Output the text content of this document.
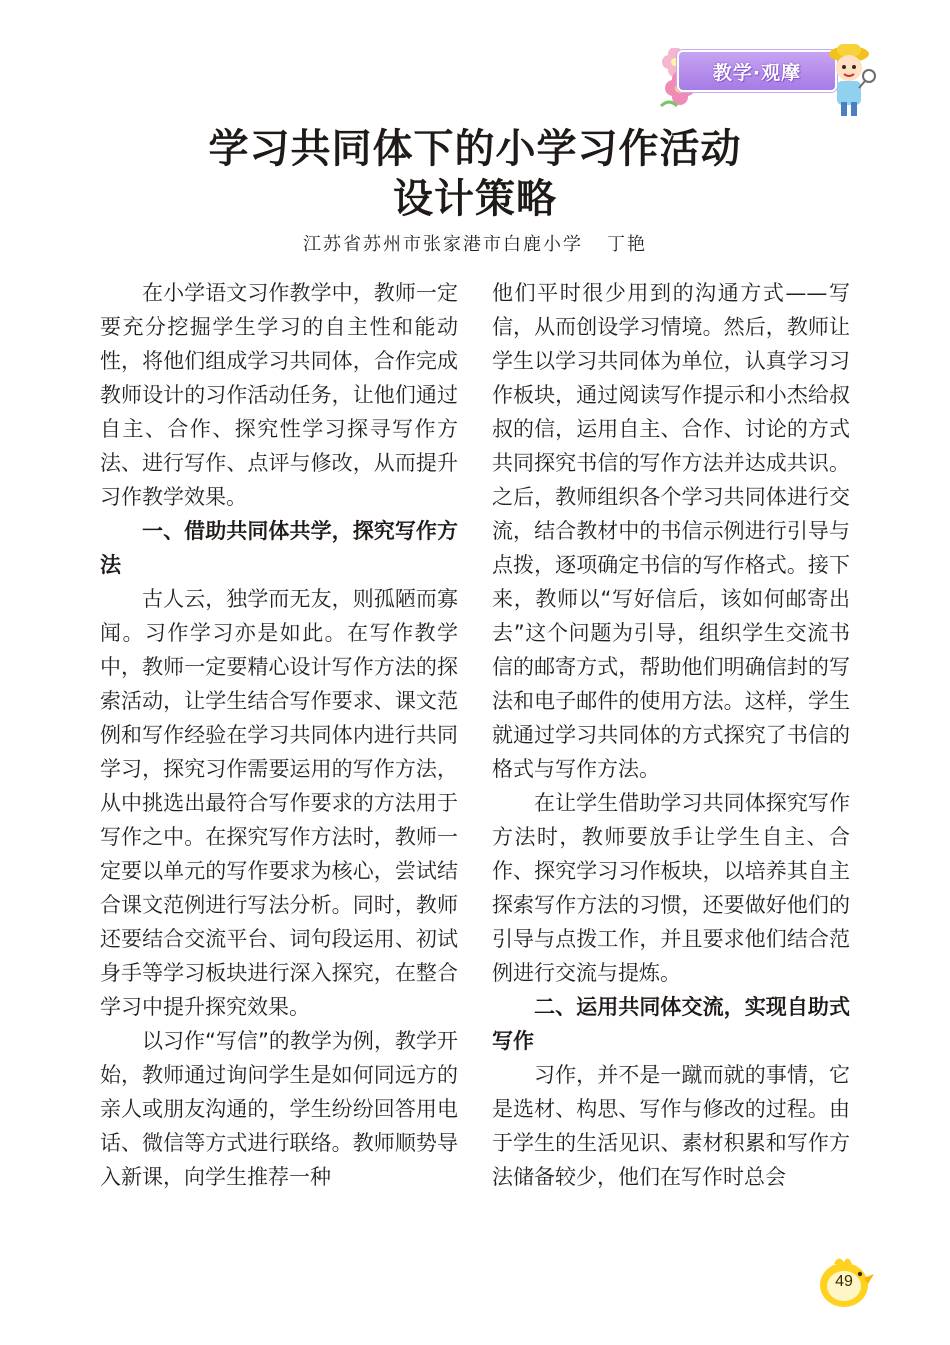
教学·观摩
学习共同体下的小学习作活动
设计策略
江苏省苏州市张家港市白鹿小学 丁艳

在小学语文习作教学中，教师一定要充分挖掘学生学习的自主性和能动性，将他们组成学习共同体，合作完成教师设计的习作活动任务，让他们通过自主、合作、探究性学习探寻写作方法、进行写作、点评与修改，从而提升习作教学效果。

一、借助共同体共学，探究写作方法

古人云，独学而无友，则孤陋而寡闻。习作学习亦是如此。在写作教学中，教师一定要精心设计写作方法的探索活动，让学生结合写作要求、课文范例和写作经验在学习共同体内进行共同学习，探究习作需要运用的写作方法，从中挑选出最符合写作要求的方法用于写作之中。在探究写作方法时，教师一定要以单元的写作要求为核心，尝试结合课文范例进行写法分析。同时，教师还要结合交流平台、词句段运用、初试身手等学习板块进行深入探究，在整合学习中提升探究效果。

以习作“写信”的教学为例，教学开始，教师通过询问学生是如何同远方的亲人或朋友沟通的，学生纷纷回答用电话、微信等方式进行联络。教师顺势导入新课，向学生推荐一种

他们平时很少用到的沟通方式——写信，从而创设学习情境。然后，教师让学生以学习共同体为单位，认真学习习作板块，通过阅读写作提示和小杰给叔叔的信，运用自主、合作、讨论的方式共同探究书信的写作方法并达成共识。之后，教师组织各个学习共同体进行交流，结合教材中的书信示例进行引导与点拨，逐项确定书信的写作格式。接下来，教师以“写好信后，该如何邮寄出去”这个问题为引导，组织学生交流书信的邮寄方式，帮助他们明确信封的写法和电子邮件的使用方法。这样，学生就通过学习共同体的方式探究了书信的格式与写作方法。

在让学生借助学习共同体探究写作方法时，教师要放手让学生自主、合作、探究学习习作板块，以培养其自主探索写作方法的习惯，还要做好他们的引导与点拨工作，并且要求他们结合范例进行交流与提炼。

二、运用共同体交流，实现自助式写作

习作，并不是一蹴而就的事情，它是选材、构思、写作与修改的过程。由于学生的生活见识、素材积累和写作方法储备较少，他们在写作时总会

49
